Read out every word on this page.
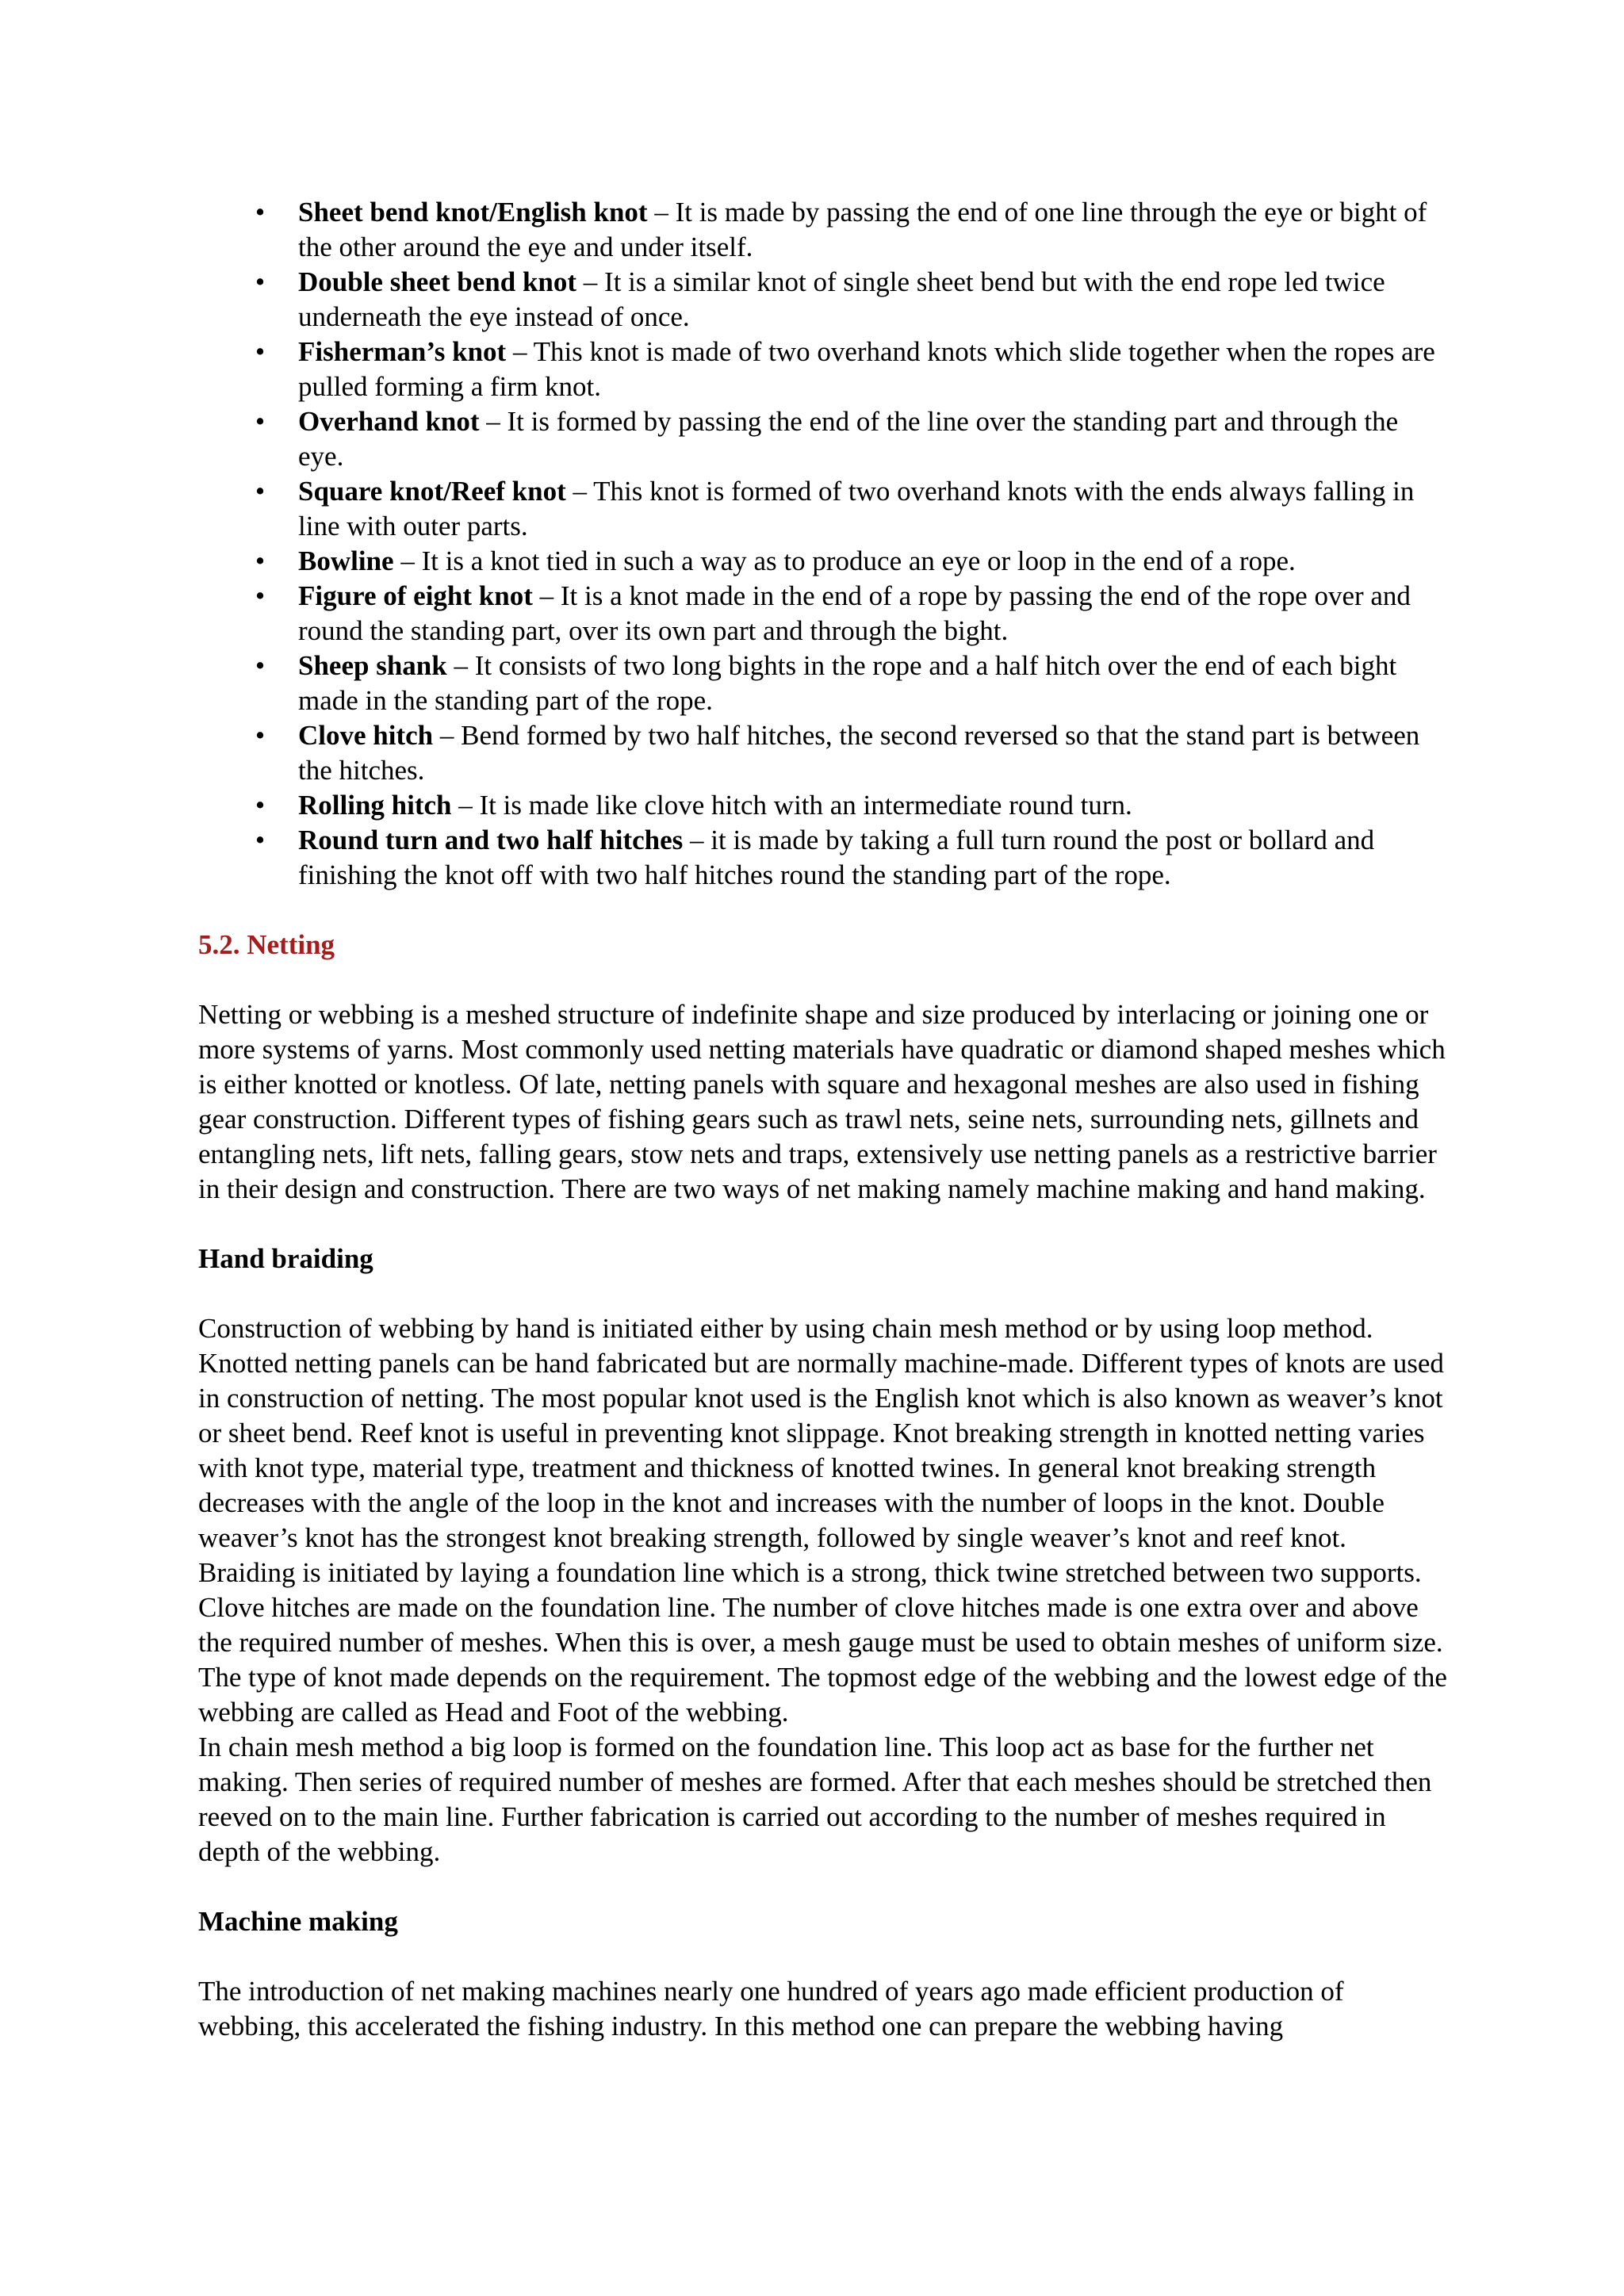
• Sheet bend knot/English knot – It is made by passing the end of one line through the eye or bight of the other around the eye and under itself.
• Double sheet bend knot – It is a similar knot of single sheet bend but with the end rope led twice underneath the eye instead of once.
• Fisherman’s knot – This knot is made of two overhand knots which slide together when the ropes are pulled forming a firm knot.
• Overhand knot – It is formed by passing the end of the line over the standing part and through the eye.
• Square knot/Reef knot – This knot is formed of two overhand knots with the ends always falling in line with outer parts.
• Bowline – It is a knot tied in such a way as to produce an eye or loop in the end of a rope.
• Figure of eight knot – It is a knot made in the end of a rope by passing the end of the rope over and round the standing part, over its own part and through the bight.
• Sheep shank – It consists of two long bights in the rope and a half hitch over the end of each bight made in the standing part of the rope.
• Clove hitch – Bend formed by two half hitches, the second reversed so that the stand part is between the hitches.
• Rolling hitch – It is made like clove hitch with an intermediate round turn.
• Round turn and two half hitches – it is made by taking a full turn round the post or bollard and finishing the knot off with two half hitches round the standing part of the rope.
5.2. Netting

Netting or webbing is a meshed structure of indefinite shape and size produced by interlacing or joining one or more systems of yarns. Most commonly used netting materials have quadratic or diamond shaped meshes which is either knotted or knotless. Of late, netting panels with square and hexagonal meshes are also used in fishing gear construction. Different types of fishing gears such as trawl nets, seine nets, surrounding nets, gillnets and entangling nets, lift nets, falling gears, stow nets and traps, extensively use netting panels as a restrictive barrier in their design and construction. There are two ways of net making namely machine making and hand making.

Hand braiding

Construction of webbing by hand is initiated either by using chain mesh method or by using loop method. Knotted netting panels can be hand fabricated but are normally machine-made. Different types of knots are used in construction of netting. The most popular knot used is the English knot which is also known as weaver’s knot or sheet bend. Reef knot is useful in preventing knot slippage. Knot breaking strength in knotted netting varies with knot type, material type, treatment and thickness of knotted twines. In general knot breaking strength decreases with the angle of the loop in the knot and increases with the number of loops in the knot. Double weaver’s knot has the strongest knot breaking strength, followed by single weaver’s knot and reef knot.

Braiding is initiated by laying a foundation line which is a strong, thick twine stretched between two supports. Clove hitches are made on the foundation line. The number of clove hitches made is one extra over and above the required number of meshes. When this is over, a mesh gauge must be used to obtain meshes of uniform size. The type of knot made depends on the requirement. The topmost edge of the webbing and the lowest edge of the webbing are called as Head and Foot of the webbing.

In chain mesh method a big loop is formed on the foundation line. This loop act as base for the further net making. Then series of required number of meshes are formed. After that each meshes should be stretched then reeved on to the main line. Further fabrication is carried out according to the number of meshes required in depth of the webbing.

Machine making

The introduction of net making machines nearly one hundred of years ago made efficient production of webbing, this accelerated the fishing industry. In this method one can prepare the webbing having
